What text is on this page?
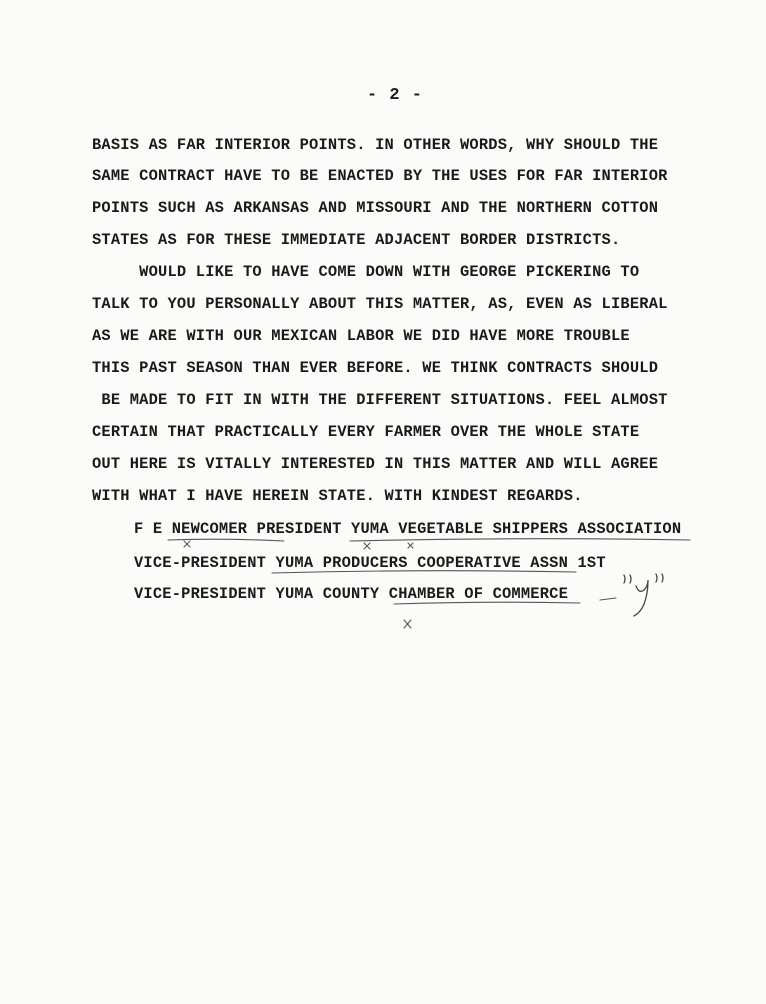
- 2 -
BASIS AS FAR INTERIOR POINTS. IN OTHER WORDS, WHY SHOULD THE
SAME CONTRACT HAVE TO BE ENACTED BY THE USES FOR FAR INTERIOR
POINTS SUCH AS ARKANSAS AND MISSOURI AND THE NORTHERN COTTON
STATES AS FOR THESE IMMEDIATE ADJACENT BORDER DISTRICTS.
WOULD LIKE TO HAVE COME DOWN WITH GEORGE PICKERING TO
TALK TO YOU PERSONALLY ABOUT THIS MATTER, AS, EVEN AS LIBERAL
AS WE ARE WITH OUR MEXICAN LABOR WE DID HAVE MORE TROUBLE
THIS PAST SEASON THAN EVER BEFORE. WE THINK CONTRACTS SHOULD
BE MADE TO FIT IN WITH THE DIFFERENT SITUATIONS. FEEL ALMOST
CERTAIN THAT PRACTICALLY EVERY FARMER OVER THE WHOLE STATE
OUT HERE IS VITALLY INTERESTED IN THIS MATTER AND WILL AGREE
WITH WHAT I HAVE HEREIN STATE. WITH KINDEST REGARDS.
F E NEWCOMER PRESIDENT YUMA VEGETABLE SHIPPERS ASSOCIATION
VICE-PRESIDENT YUMA PRODUCERS COOPERATIVE ASSN 1ST
VICE-PRESIDENT YUMA COUNTY CHAMBER OF COMMERCE
